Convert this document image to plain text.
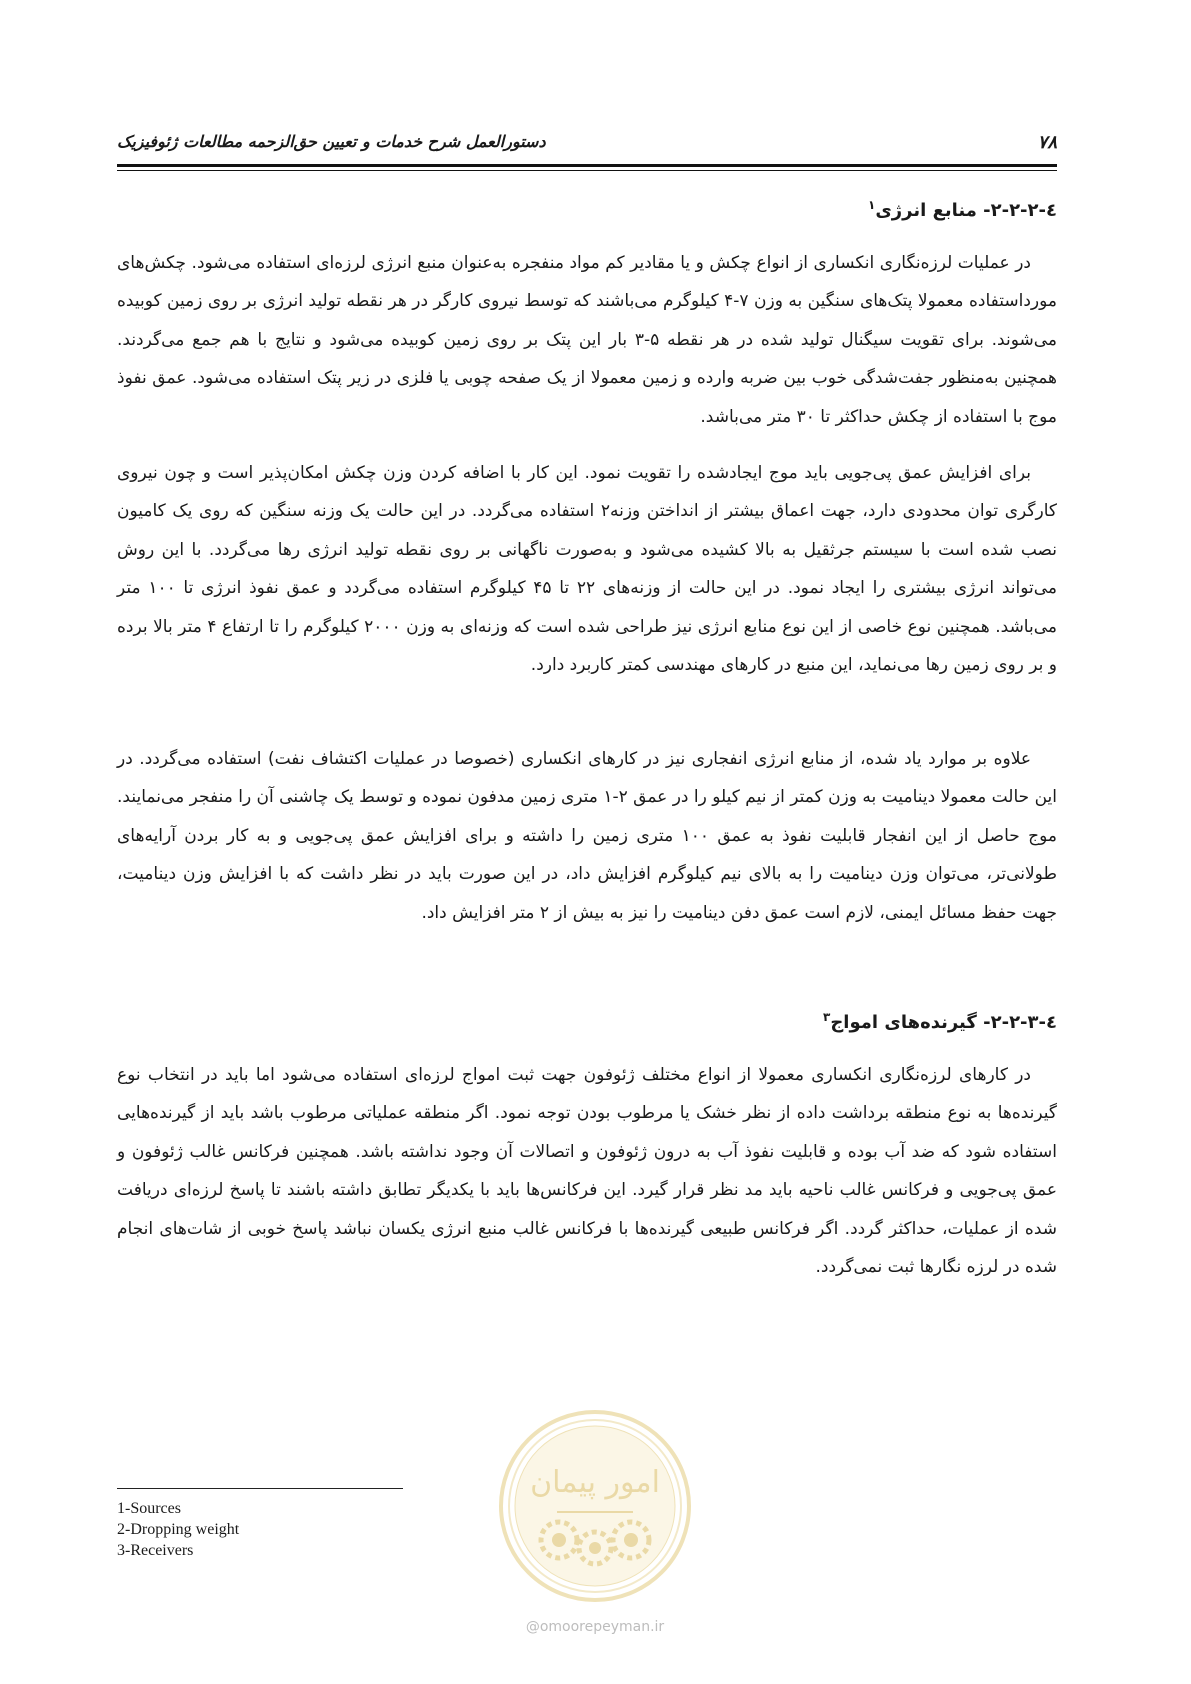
۷۸
دستورالعمل شرح خدمات و تعیین حق‌الزحمه مطالعات ژئوفیزیک
٤-۲-۲-۲- منابع انرژی$^۱$
در عملیات لرزه‌نگاری انکساری از انواع چکش و یا مقادیر کم مواد منفجره به‌عنوان منبع انرژی لرزه‌ای استفاده می‌شود. چکش‌های مورداستفاده معمولا پتک‌های سنگین به وزن ۷-۴ کیلوگرم می‌باشند که توسط نیروی کارگر در هر نقطه تولید انرژی بر روی زمین کوبیده می‌شوند. برای تقویت سیگنال تولید شده در هر نقطه ۵-۳ بار این پتک بر روی زمین کوبیده می‌شود و نتایج با هم جمع می‌گردند. همچنین به‌منظور جفت‌شدگی خوب بین ضربه وارده و زمین معمولا از یک صفحه چوبی یا فلزی در زیر پتک استفاده می‌شود. عمق نفوذ موج با استفاده از چکش حداکثر تا ۳۰ متر می‌باشد.
برای افزایش عمق پی‌جویی باید موج ایجادشده را تقویت نمود. این کار با اضافه کردن وزن چکش امکان‌پذیر است و چون نیروی کارگری توان محدودی دارد، جهت اعماق بیشتر از انداختن وزنه۲ استفاده می‌گردد. در این حالت یک وزنه سنگین که روی یک کامیون نصب شده است با سیستم جرثقیل به بالا کشیده می‌شود و به‌صورت ناگهانی بر روی نقطه تولید انرژی رها می‌گردد. با این روش می‌تواند انرژی بیشتری را ایجاد نمود. در این حالت از وزنه‌های ۲۲ تا ۴۵ کیلوگرم استفاده می‌گردد و عمق نفوذ انرژی تا ۱۰۰ متر می‌باشد. همچنین نوع خاصی از این نوع منابع انرژی نیز طراحی شده است که وزنه‌ای به وزن ۲۰۰۰ کیلوگرم را تا ارتفاع ۴ متر بالا برده و بر روی زمین رها می‌نماید، این منبع در کارهای مهندسی کمتر کاربرد دارد.
علاوه بر موارد یاد شده، از منابع انرژی انفجاری نیز در کارهای انکساری (خصوصا در عملیات اکتشاف نفت) استفاده می‌گردد. در این حالت معمولا دینامیت به وزن کمتر از نیم کیلو را در عمق ۲-۱ متری زمین مدفون نموده و توسط یک چاشنی آن را منفجر می‌نمایند. موج حاصل از این انفجار قابلیت نفوذ به عمق ۱۰۰ متری زمین را داشته و برای افزایش عمق پی‌جویی و به کار بردن آرایه‌های طولانی‌تر، می‌توان وزن دینامیت را به بالای نیم کیلوگرم افزایش داد، در این صورت باید در نظر داشت که با افزایش وزن دینامیت، جهت حفظ مسائل ایمنی، لازم است عمق دفن دینامیت را نیز به بیش از ۲ متر افزایش داد.
٤-۲-۲-۳- گیرنده‌های امواج$^۳$
در کارهای لرزه‌نگاری انکساری معمولا از انواع مختلف ژئوفون جهت ثبت امواج لرزه‌ای استفاده می‌شود اما باید در انتخاب نوع گیرنده‌ها به نوع منطقه برداشت داده از نظر خشک یا مرطوب بودن توجه نمود. اگر منطقه عملیاتی مرطوب باشد باید از گیرنده‌هایی استفاده شود که ضد آب بوده و قابلیت نفوذ آب به درون ژئوفون و اتصالات آن وجود نداشته باشد. همچنین فرکانس غالب ژئوفون و عمق پی‌جویی و فرکانس غالب ناحیه باید مد نظر قرار گیرد. این فرکانس‌ها باید با یکدیگر تطابق داشته باشند تا پاسخ لرزه‌ای دریافت شده از عملیات، حداکثر گردد. اگر فرکانس طبیعی گیرنده‌ها با فرکانس غالب منبع انرژی یکسان نباشد پاسخ خوبی از شات‌های انجام شده در لرزه نگارها ثبت نمی‌گردد.
1-Sources
2-Dropping weight
3-Receivers
امور پیمان
@omoorepeyman.ir
